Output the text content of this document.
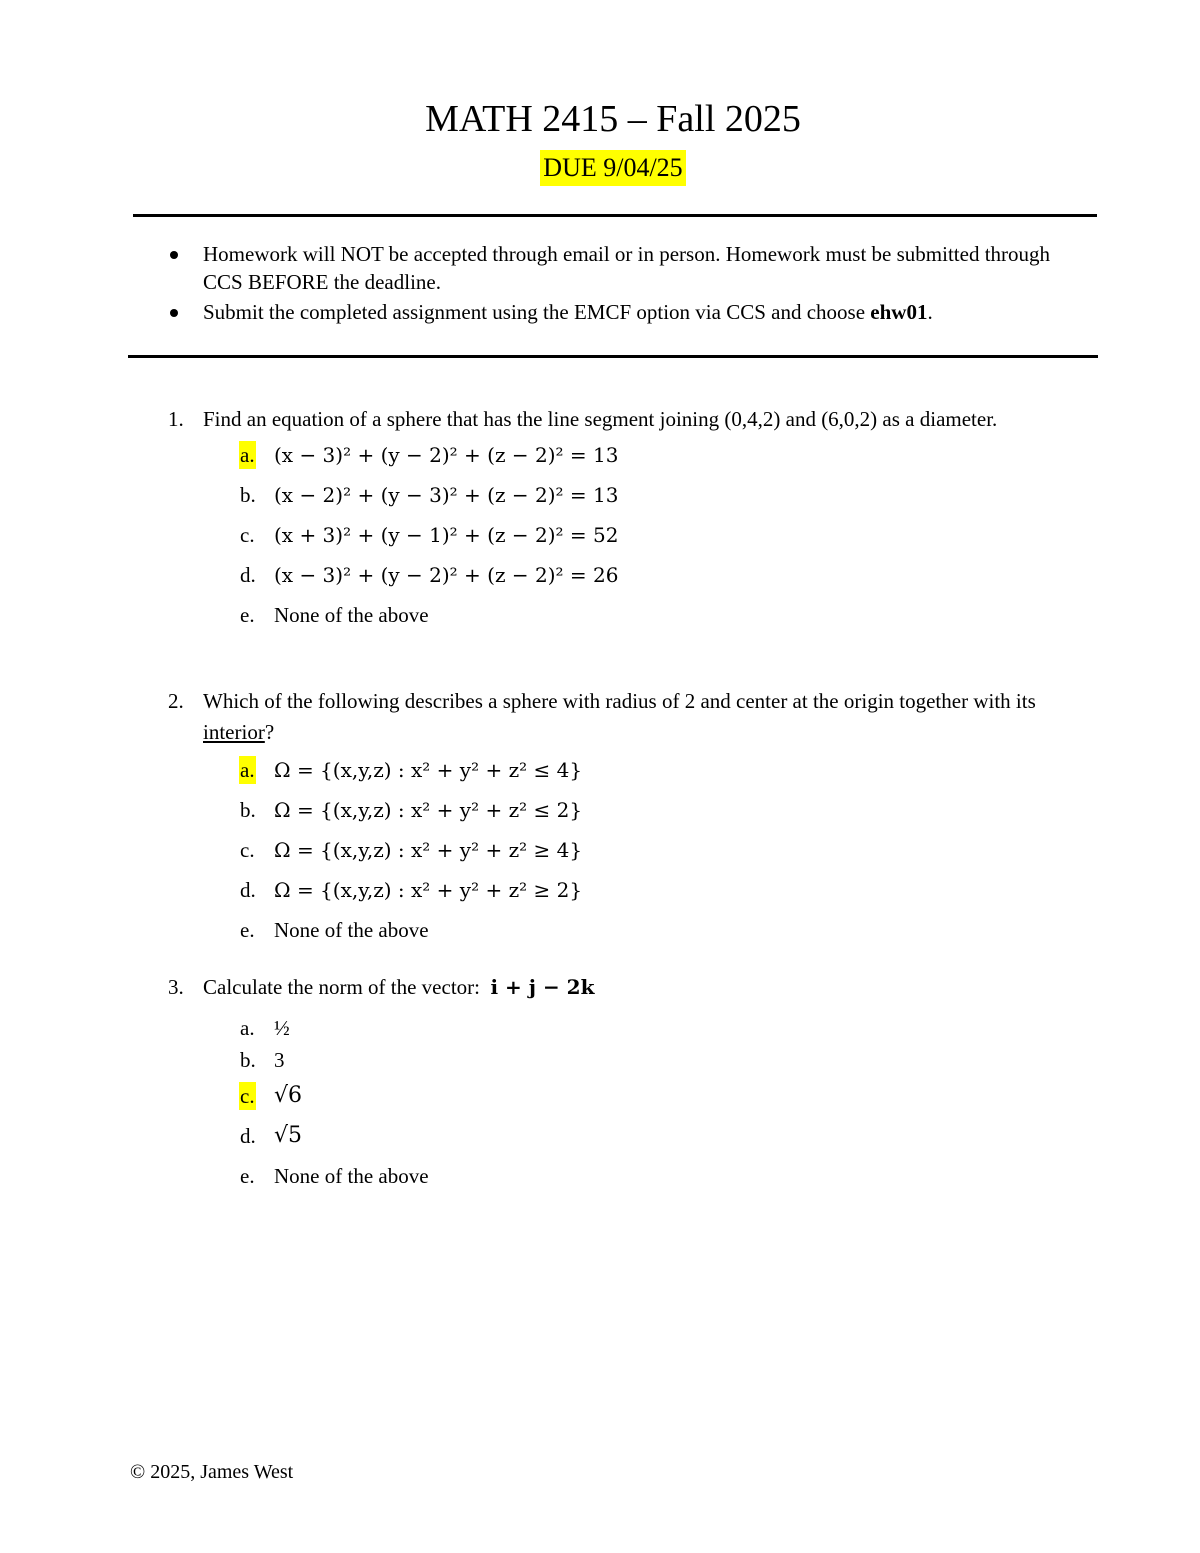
MATH 2415 – Fall 2025
DUE 9/04/25
Homework will NOT be accepted through email or in person. Homework must be submitted through CCS BEFORE the deadline.
Submit the completed assignment using the EMCF option via CCS and choose ehw01.
1. Find an equation of a sphere that has the line segment joining (0,4,2) and (6,0,2) as a diameter.
a. (x − 3)² + (y − 2)² + (z − 2)² = 13
b. (x − 2)² + (y − 3)² + (z − 2)² = 13
c. (x + 3)² + (y − 1)² + (z − 2)² = 52
d. (x − 3)² + (y − 2)² + (z − 2)² = 26
e. None of the above
2. Which of the following describes a sphere with radius of 2 and center at the origin together with its interior?
a. Ω = {(x,y,z) : x² + y² + z² ≤ 4}
b. Ω = {(x,y,z) : x² + y² + z² ≤ 2}
c. Ω = {(x,y,z) : x² + y² + z² ≥ 4}
d. Ω = {(x,y,z) : x² + y² + z² ≥ 2}
e. None of the above
3. Calculate the norm of the vector: i + j − 2k
a. ½
b. 3
c. √6
d. √5
e. None of the above
© 2025, James West
